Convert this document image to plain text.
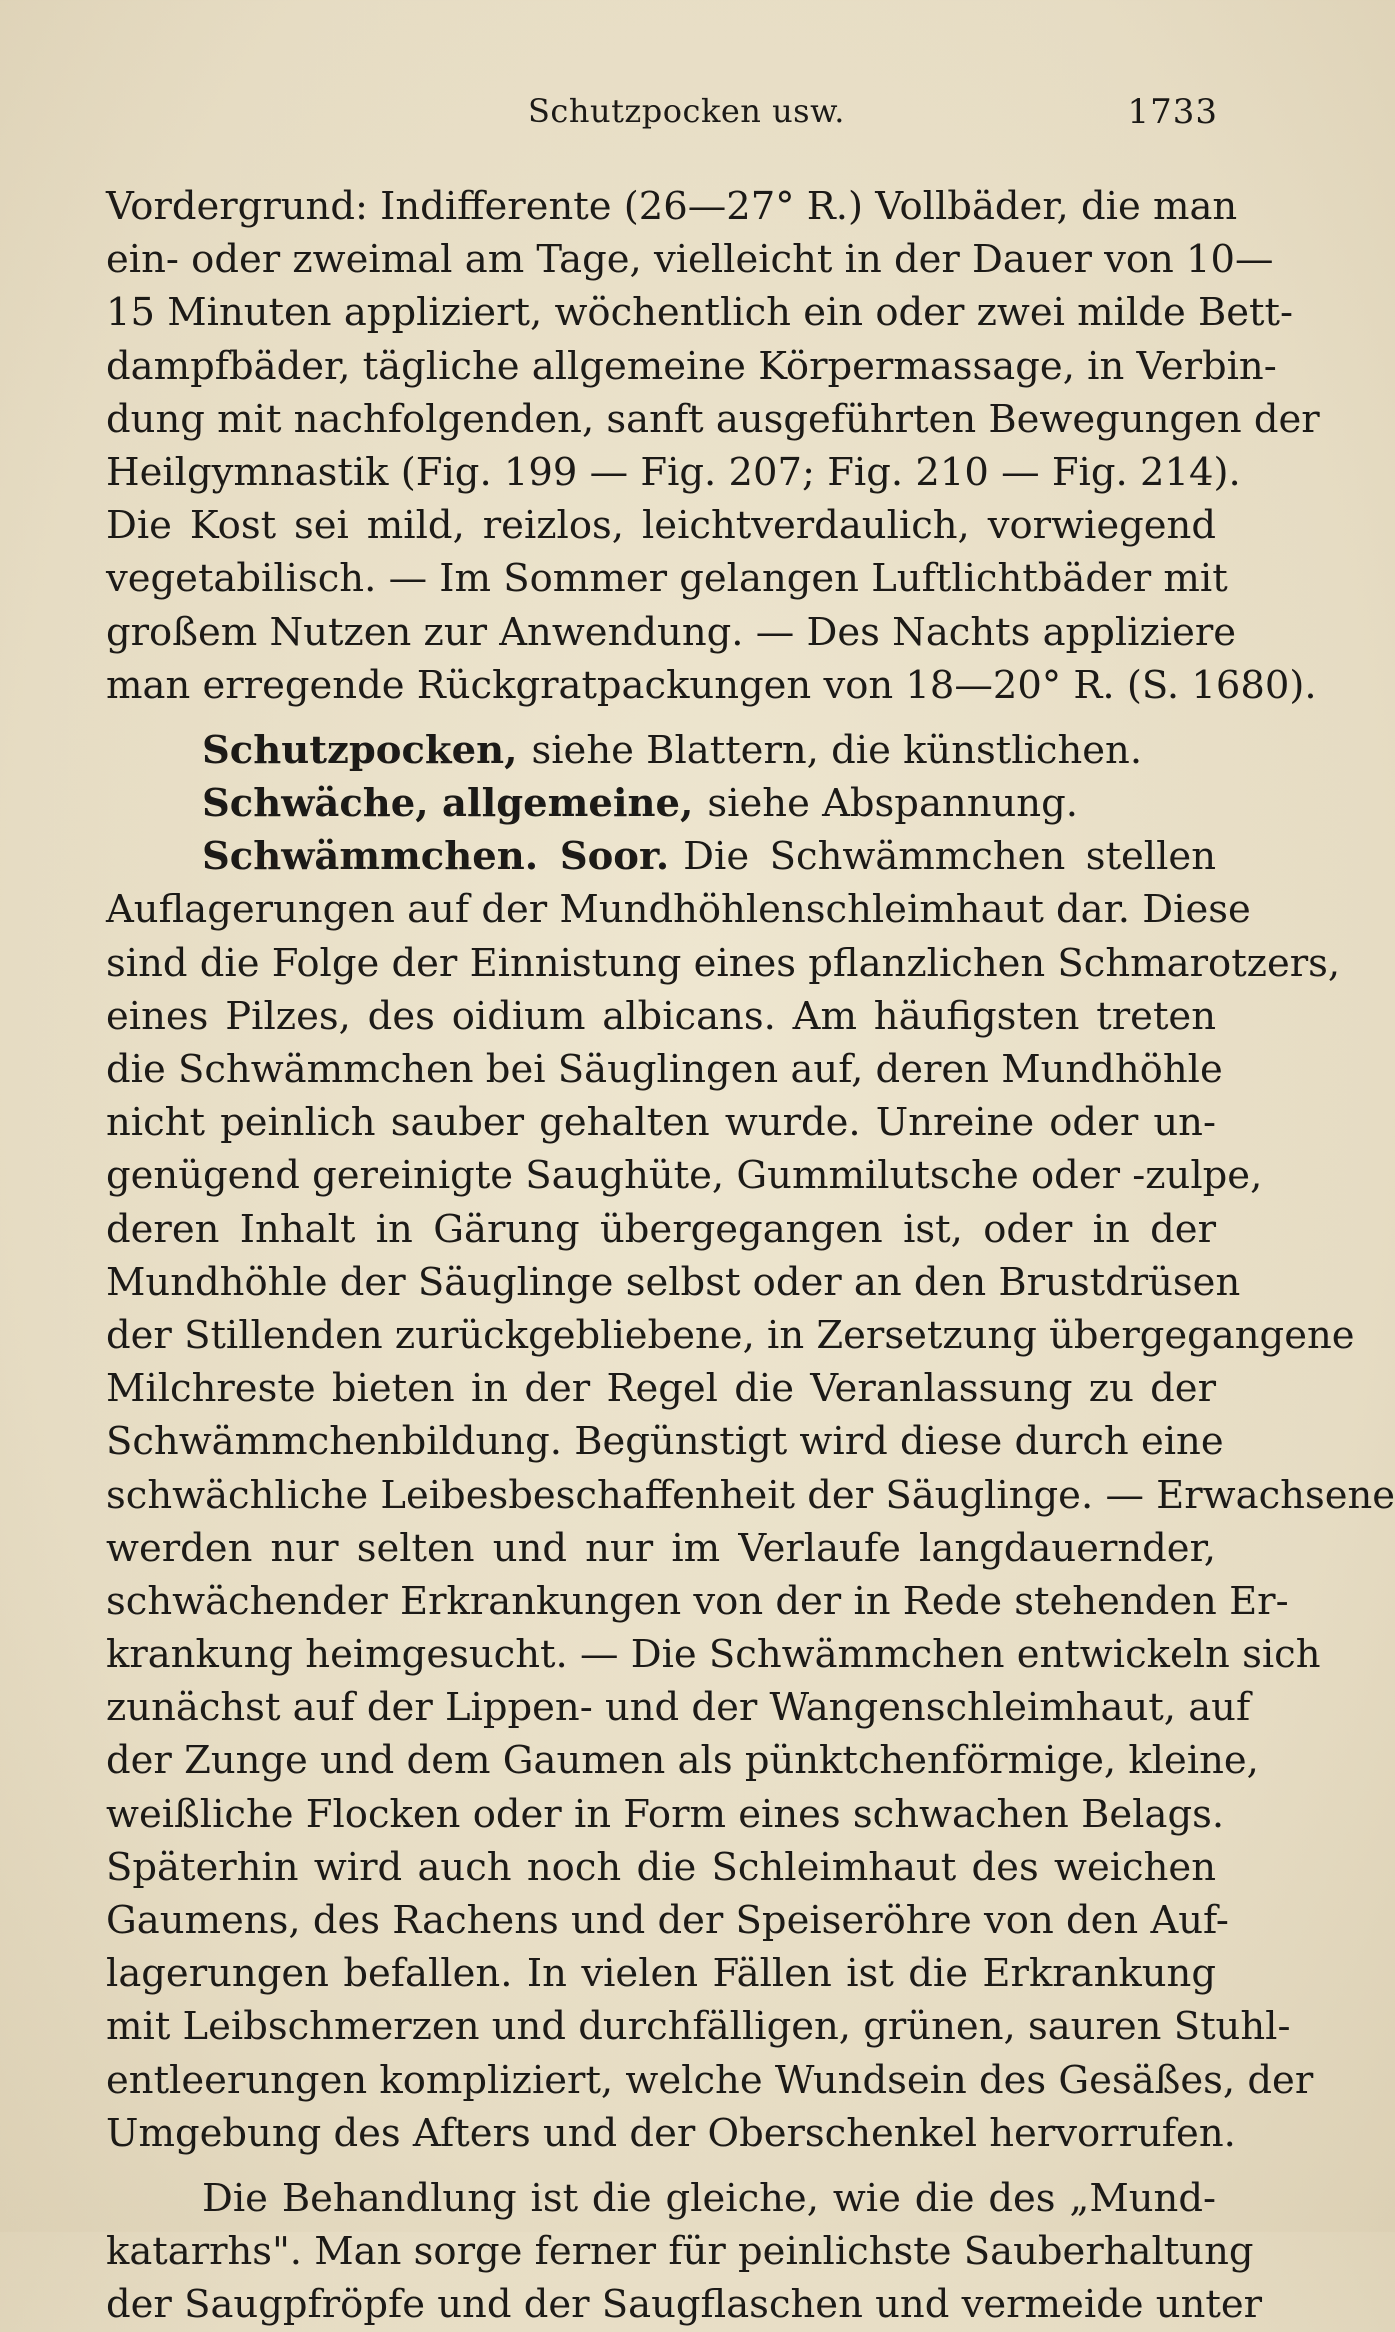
Schutzpocken usw.	1733
Vordergrund: Indifferente (26—27° R.) Vollbäder, die man
ein- oder zweimal am Tage, vielleicht in der Dauer von 10—
15 Minuten appliziert, wöchentlich ein oder zwei milde Bett-
dampfbäder, tägliche allgemeine Körpermassage, in Verbin-
dung mit nachfolgenden, sanft ausgeführten Bewegungen der
Heilgymnastik (Fig. 199 — Fig. 207; Fig. 210 — Fig. 214).
Die Kost sei mild, reizlos, leichtverdaulich, vorwiegend
vegetabilisch. — Im Sommer gelangen Luftlichtbäder mit
großem Nutzen zur Anwendung. — Des Nachts appliziere
man erregende Rückgratpackungen von 18—20° R. (S. 1680).
Schutzpocken, siehe Blattern, die künstlichen.
Schwäche, allgemeine, siehe Abspannung.
Schwämmchen. Soor. Die Schwämmchen stellen
Auflagerungen auf der Mundhöhlenschleimhaut dar. Diese
sind die Folge der Einnistung eines pflanzlichen Schmarotzers,
eines Pilzes, des oidium albicans. Am häufigsten treten
die Schwämmchen bei Säuglingen auf, deren Mundhöhle
nicht peinlich sauber gehalten wurde. Unreine oder un-
genügend gereinigte Saughüte, Gummilutsche oder -zulpe,
deren Inhalt in Gärung übergegangen ist, oder in der
Mundhöhle der Säuglinge selbst oder an den Brustdrüsen
der Stillenden zurückgebliebene, in Zersetzung übergegangene
Milchreste bieten in der Regel die Veranlassung zu der
Schwämmchenbildung. Begünstigt wird diese durch eine
schwächliche Leibesbeschaffenheit der Säuglinge. — Erwachsene
werden nur selten und nur im Verlaufe langdauernder,
schwächender Erkrankungen von der in Rede stehenden Er-
krankung heimgesucht. — Die Schwämmchen entwickeln sich
zunächst auf der Lippen- und der Wangenschleimhaut, auf
der Zunge und dem Gaumen als pünktchenförmige, kleine,
weißliche Flocken oder in Form eines schwachen Belags.
Späterhin wird auch noch die Schleimhaut des weichen
Gaumens, des Rachens und der Speiseröhre von den Auf-
lagerungen befallen. In vielen Fällen ist die Erkrankung
mit Leibschmerzen und durchfälligen, grünen, sauren Stuhl-
entleerungen kompliziert, welche Wundsein des Gesäßes, der
Umgebung des Afters und der Oberschenkel hervorrufen.
Die Behandlung ist die gleiche, wie die des „Mund-
katarrhs". Man sorge ferner für peinlichste Sauberhaltung
der Saugpfröpfe und der Saugflaschen und vermeide unter
